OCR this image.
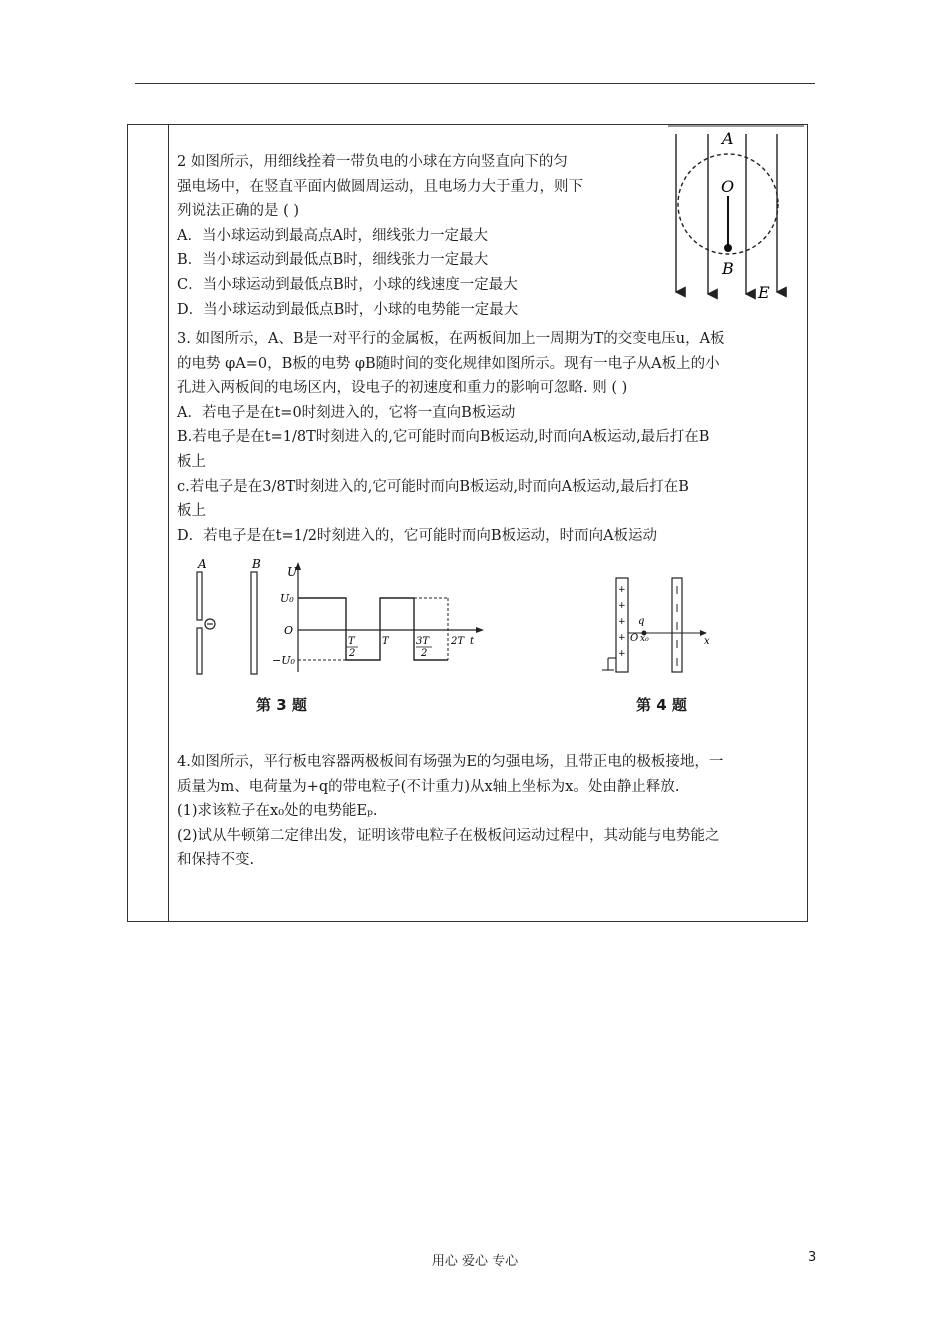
2 如图所示，用细线拴着一带负电的小球在方向竖直向下的匀
强电场中，在竖直平面内做圆周运动，且电场力大于重力，则下
列说法正确的是 ( )
A．当小球运动到最高点A时，细线张力一定最大
B．当小球运动到最低点B时，细线张力一定最大
C．当小球运动到最低点B时，小球的线速度一定最大
D．当小球运动到最低点B时，小球的电势能一定最大
A
O
B
E
3. 如图所示，A、B是一对平行的金属板，在两板间加上一周期为T的交变电压u，A板
的电势 φA=0，B板的电势 φB随时间的变化规律如图所示。现有一电子从A板上的小
孔进入两板间的电场区内，设电子的初速度和重力的影响可忽略. 则 ( )
A．若电子是在t=0时刻进入的，它将一直向B板运动
B.若电子是在t=1/8T时刻进入的,它可能时而向B板运动,时而向A板运动,最后打在B
板上
c.若电子是在3/8T时刻进入的,它可能时而向B板运动,时而向A板运动,最后打在B
板上
D．若电子是在t=1/2时刻进入的，它可能时而向B板运动，时而向A板运动
A	B
U
U₀
O
−U₀
T
2
T	3T
2
2T t
第 3 题
+
+
+
+
+
q
O x₀	x
第 4 题
4.如图所示，平行板电容器两极板间有场强为E的匀强电场，且带正电的极板接地，一
质量为m、电荷量为+q的带电粒子(不计重力)从x轴上坐标为x。处由静止释放.
(1)求该粒子在x₀处的电势能Eₚ.
(2)试从牛顿第二定律出发，证明该带电粒子在极板问运动过程中，其动能与电势能之
和保持不变.
用心 爱心 专心	3
